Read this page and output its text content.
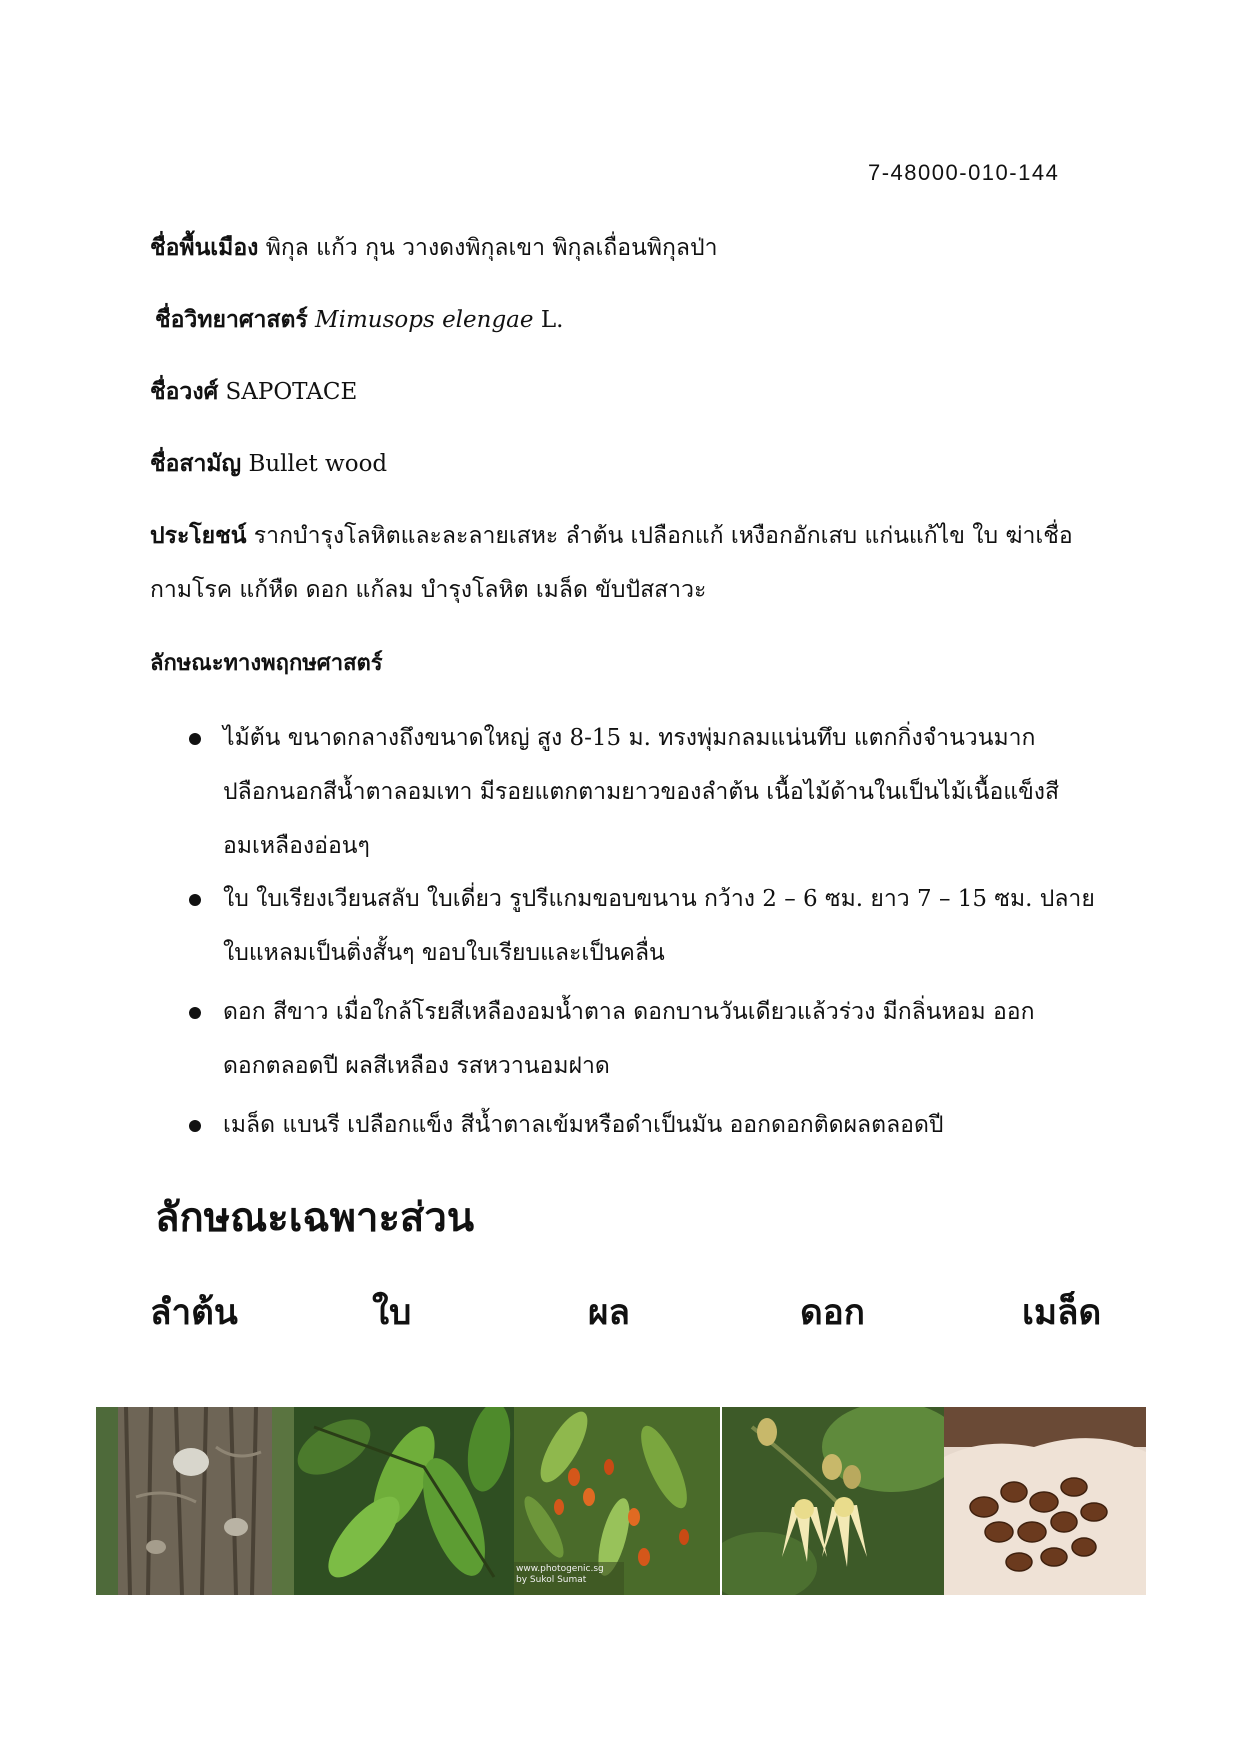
7-48000-010-144
ชื่อพื้นเมือง พิกุล แก้ว กุน วางดงพิกุลเขา พิกุลเถื่อนพิกุลป่า
ชื่อวิทยาศาสตร์ Mimusops elengae L.
ชื่อวงศ์ SAPOTACE
ชื่อสามัญ Bullet wood
ประโยชน์ รากบำรุงโลหิตและละลายเสหะ ลำต้น เปลือกแก้ เหงือกอักเสบ แก่นแก้ไข ใบ ฆ่าเชื่อ
กามโรค แก้หืด ดอก แก้ลม บำรุงโลหิต เมล็ด ขับปัสสาวะ
ลักษณะทางพฤกษศาสตร์
ไม้ต้น ขนาดกลางถึงขนาดใหญ่ สูง 8-15 ม. ทรงพุ่มกลมแน่นทึบ แตกกิ่งจำนวนมาก
ปลือกนอกสีน้ำตาลอมเทา มีรอยแตกตามยาวของลำต้น เนื้อไม้ด้านในเป็นไม้เนื้อแข็งสี
อมเหลืองอ่อนๆ
ใบ ใบเรียงเวียนสลับ ใบเดี่ยว รูปรีแกมขอบขนาน กว้าง 2 – 6 ซม. ยาว 7 – 15 ซม. ปลาย
ใบแหลมเป็นติ่งสั้นๆ ขอบใบเรียบและเป็นคลื่น
ดอก สีขาว เมื่อใกล้โรยสีเหลืองอมน้ำตาล ดอกบานวันเดียวแล้วร่วง มีกลิ่นหอม ออก
ดอกตลอดปี ผลสีเหลือง รสหวานอมฝาด
เมล็ด แบนรี เปลือกแข็ง สีน้ำตาลเข้มหรือดำเป็นมัน ออกดอกติดผลตลอดปี
ลักษณะเฉพาะส่วน
ลำต้น	ใบ	ผล	ดอก	เมล็ด
www.photogenic.sg
by Sukol Sumat
